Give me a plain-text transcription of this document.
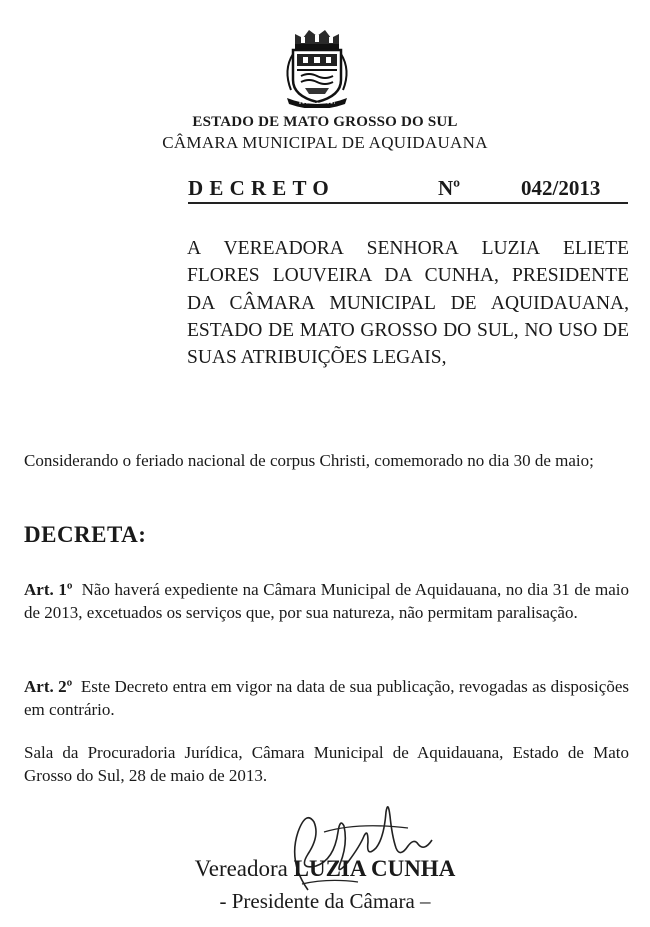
ESTADO DE MATO GROSSO DO SUL
CÂMARA MUNICIPAL DE AQUIDAUANA
DECRETO	Nº	042/2013
A VEREADORA SENHORA LUZIA ELIETE FLORES LOUVEIRA DA CUNHA, PRESIDENTE DA CÂMARA MUNICIPAL DE AQUIDAUANA, ESTADO DE MATO GROSSO DO SUL, NO USO DE SUAS ATRIBUIÇÕES LEGAIS,
Considerando o feriado nacional de corpus Christi, comemorado no dia 30 de maio;
DECRETA:
Art. 1º Não haverá expediente na Câmara Municipal de Aquidauana, no dia 31 de maio de 2013, excetuados os serviços que, por sua natureza, não permitam paralisação.
Art. 2º Este Decreto entra em vigor na data de sua publicação, revogadas as disposições em contrário.
Sala da Procuradoria Jurídica, Câmara Municipal de Aquidauana, Estado de Mato Grosso do Sul, 28 de maio de 2013.
Vereadora LUZIA CUNHA
- Presidente da Câmara –
